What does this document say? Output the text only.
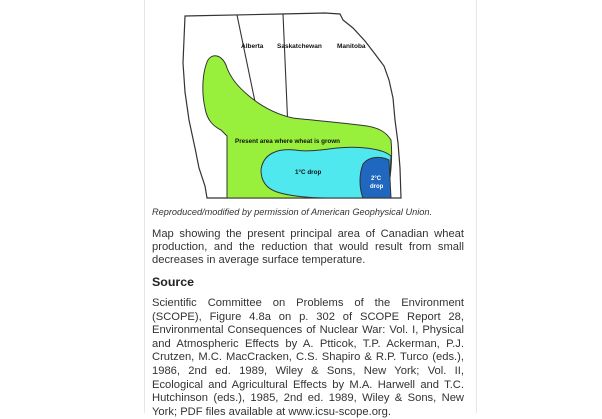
Alberta Saskatchewan Manitoba
Present area where wheat is grown
1°C drop
2°C
drop
Reproduced/modified by permission of American Geophysical Union.
Map showing the present principal area of Canadian wheat production, and the reduction that would result from small decreases in average surface temperature.
Source
Scientific Committee on Problems of the Environment (SCOPE), Figure 4.8a on p. 302 of SCOPE Report 28, Environmental Consequences of Nuclear War: Vol. I, Physical and Atmospheric Effects by A. Ptticok, T.P. Ackerman, P.J. Crutzen, M.C. MacCracken, C.S. Shapiro & R.P. Turco (eds.), 1986, 2nd ed. 1989, Wiley & Sons, New York; Vol. II, Ecological and Agricultural Effects by M.A. Harwell and T.C. Hutchinson (eds.), 1985, 2nd ed. 1989, Wiley & Sons, New York; PDF files available at www.icsu-scope.org.
